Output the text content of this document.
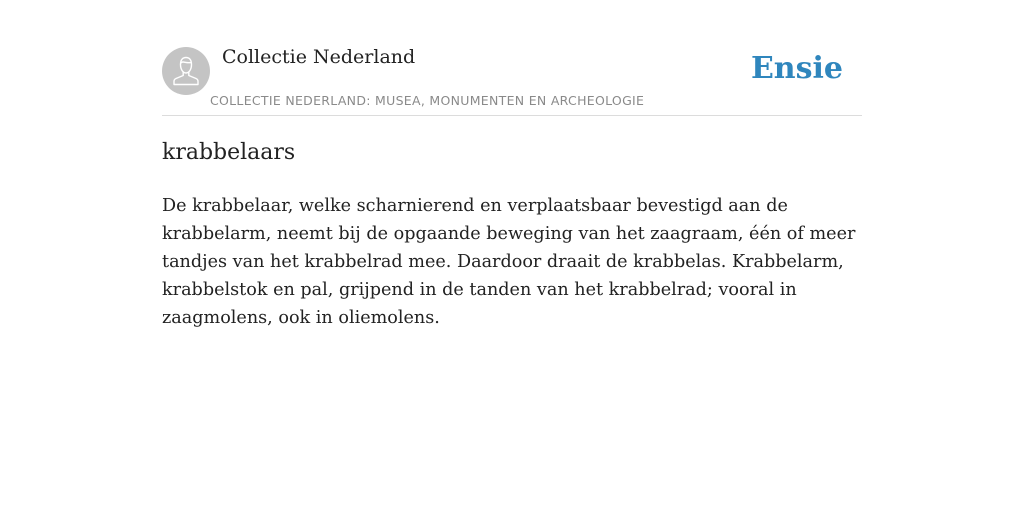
Collectie Nederland
COLLECTIE NEDERLAND: MUSEA, MONUMENTEN EN ARCHEOLOGIE
Ensie
krabbelaars

De krabbelaar, welke scharnierend en verplaatsbaar bevestigd aan de krabbelarm, neemt bij de opgaande beweging van het zaagraam, één of meer tandjes van het krabbelrad mee. Daardoor draait de krabbelas. Krabbelarm, krabbelstok en pal, grijpend in de tanden van het krabbelrad; vooral in zaagmolens, ook in oliemolens.
